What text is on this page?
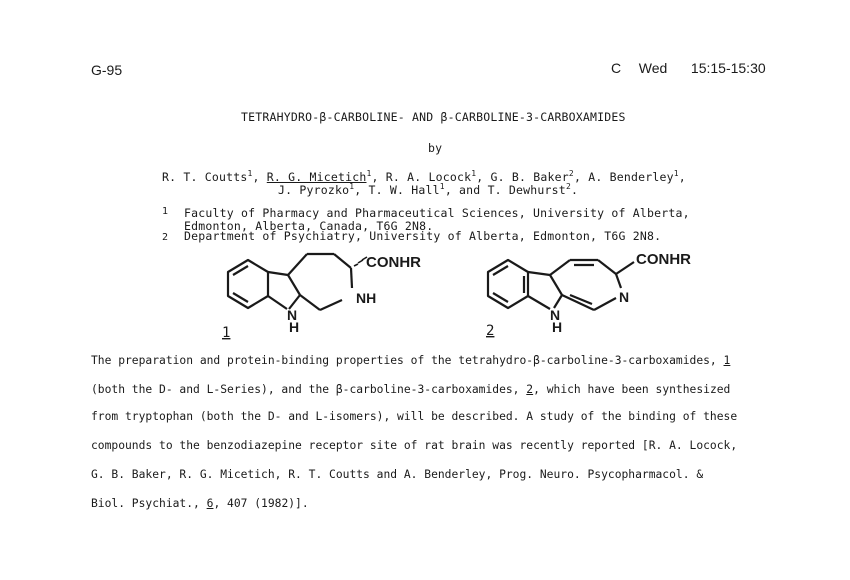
G-95	C Wed 15:15-15:30
TETRAHYDRO-β-CARBOLINE- AND β-CARBOLINE-3-CARBOXAMIDES
by
R. T. Coutts$^1$, R. G. Micetich$^1$, R. A. Locock$^1$, G. B. Baker$^2$, A. Benderley$^1$,
J. Pyrozko$^1$, T. W. Hall$^1$, and T. Dewhurst$^2$.
1 Faculty of Pharmacy and Pharmaceutical Sciences, University of Alberta,
Edmonton, Alberta, Canada, T6G 2N8.
2 Department of Psychiatry, University of Alberta, Edmonton, T6G 2N8.
CONHR
NH
N
H
1
CONHR
N
N
H
2
The preparation and protein-binding properties of the tetrahydro-β-carboline-3-carboxamides, 1
(both the D- and L-Series), and the β-carboline-3-carboxamides, 2, which have been synthesized
from tryptophan (both the D- and L-isomers), will be described. A study of the binding of these
compounds to the benzodiazepine receptor site of rat brain was recently reported [R. A. Locock,
G. B. Baker, R. G. Micetich, R. T. Coutts and A. Benderley, Prog. Neuro. Psycopharmacol. &
Biol. Psychiat., 6, 407 (1982)].
